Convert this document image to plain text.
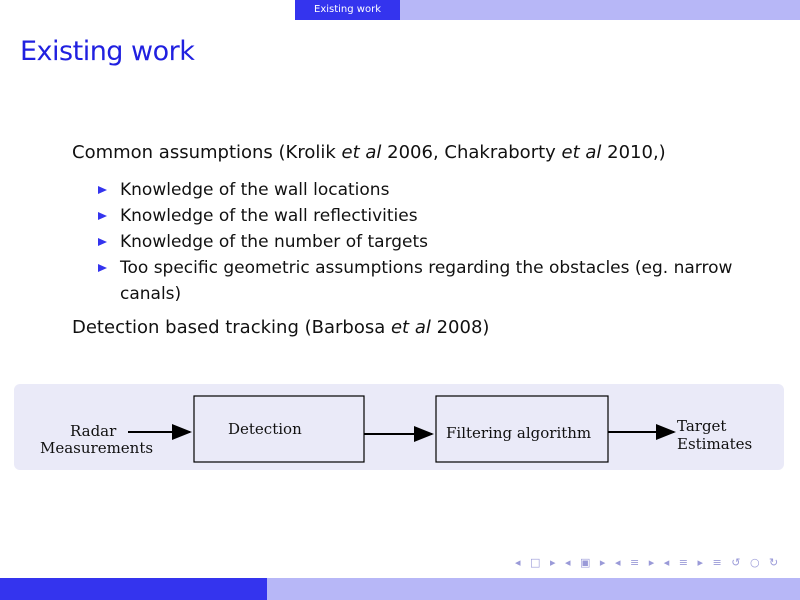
Existing work
Existing work

Common assumptions (Krolik et al 2006, Chakraborty et al 2010,)

Knowledge of the wall locations
Knowledge of the wall reflectivities
Knowledge of the number of targets
Too specific geometric assumptions regarding the obstacles (eg. narrow canals)

Detection based tracking (Barbosa et al 2008)

Radar
Measurements
Detection	Filtering algorithm	Target
Estimates
◂ □ ▸ ◂ ▣ ▸ ◂ ≡ ▸ ◂ ≡ ▸ ≡ ↺ ○ ↻
